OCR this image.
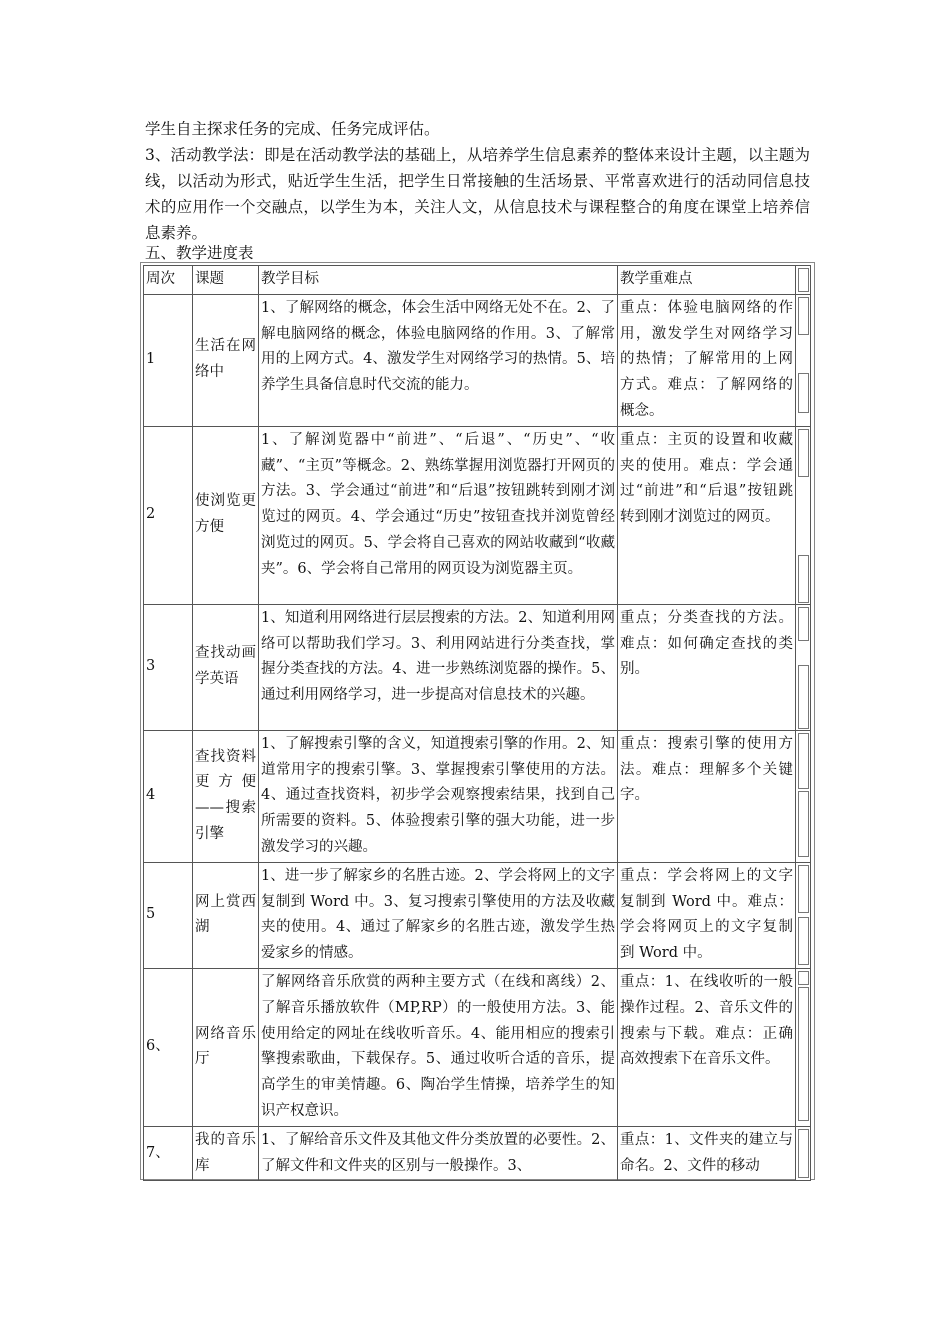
学生自主探求任务的完成、任务完成评估。

3、活动教学法：即是在活动教学法的基础上，从培养学生信息素养的整体来设计主题，以主题为线，以活动为形式，贴近学生生活，把学生日常接触的生活场景、平常喜欢进行的活动同信息技术的应用作一个交融点，以学生为本，关注人文，从信息技术与课程整合的角度在课堂上培养信息素养。

五、教学进度表
周次	课题	教学目标	教学重难点	

1	生活在网络中	1、了解网络的概念，体会生活中网络无处不在。2、了解电脑网络的概念，体验电脑网络的作用。3、了解常用的上网方式。4、激发学生对网络学习的热情。5、培养学生具备信息时代交流的能力。	重点：体验电脑网络的作用，激发学生对网络学习的热情；了解常用的上网方式。难点：了解网络的概念。	

2	使浏览更方便	1、了解浏览器中“前进”、“后退”、“历史”、“收藏”、“主页”等概念。2、熟练掌握用浏览器打开网页的方法。3、学会通过“前进”和“后退”按钮跳转到刚才浏览过的网页。4、学会通过“历史”按钮查找并浏览曾经浏览过的网页。5、学会将自己喜欢的网站收藏到“收藏夹”。6、学会将自己常用的网页设为浏览器主页。	重点：主页的设置和收藏夹的使用。难点：学会通过“前进”和“后退”按钮跳转到刚才浏览过的网页。	

3	查找动画学英语	1、知道利用网络进行层层搜索的方法。2、知道利用网络可以帮助我们学习。3、利用网站进行分类查找，掌握分类查找的方法。4、进一步熟练浏览器的操作。5、通过利用网络学习，进一步提高对信息技术的兴趣。	重点；分类查找的方法。难点：如何确定查找的类别。	

4	查找资料更方便——搜索引擎	1、了解搜索引擎的含义，知道搜索引擎的作用。2、知道常用字的搜索引擎。3、掌握搜索引擎使用的方法。4、通过查找资料，初步学会观察搜索结果，找到自己所需要的资料。5、体验搜索引擎的强大功能，进一步激发学习的兴趣。	重点：搜索引擎的使用方法。难点：理解多个关键字。	

5	网上赏西湖	1、进一步了解家乡的名胜古迹。2、学会将网上的文字复制到 Word 中。3、复习搜索引擎使用的方法及收藏夹的使用。4、通过了解家乡的名胜古迹，激发学生热爱家乡的情感。	重点：学会将网上的文字复制到 Word 中。难点：学会将网页上的文字复制到 Word 中。	

6、	网络音乐厅	了解网络音乐欣赏的两种主要方式（在线和离线）2、了解音乐播放软件（MP,RP）的一般使用方法。3、能使用给定的网址在线收听音乐。4、能用相应的搜索引擎搜索歌曲，下载保存。5、通过收听合适的音乐，提高学生的审美情趣。6、陶冶学生情操，培养学生的知识产权意识。	重点：1、在线收听的一般操作过程。2、音乐文件的搜索与下载。难点：正确高效搜索下在音乐文件。	

7、	我的音乐库	1、了解给音乐文件及其他文件分类放置的必要性。2、了解文件和文件夹的区别与一般操作。3、	重点：1、文件夹的建立与命名。2、文件的移动	
